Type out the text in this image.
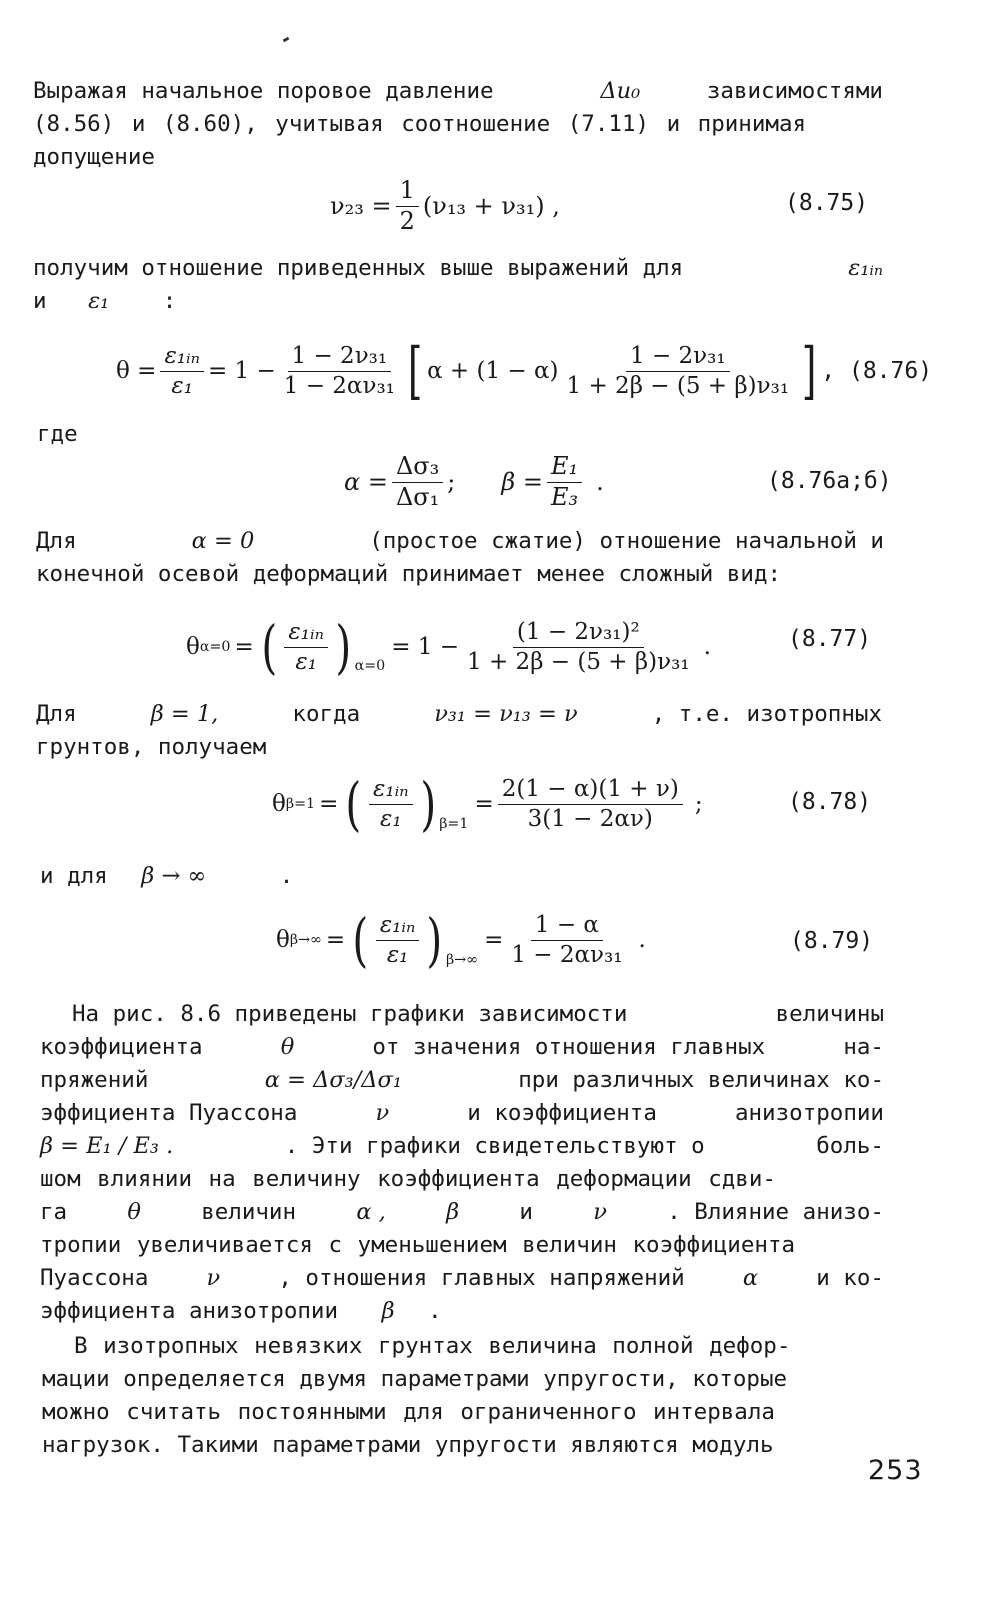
Выражая начальное поровое давление	Δu₀	зависимостями
(8.56) и (8.60), учитывая соотношение (7.11) и принимая
допущение
$\nu_{23} = \frac{1}{2} (\nu_{13} + \nu_{31})$ ,	(8.75)
получим отношение приведенных выше выражений для	ε₁ᵢₙ
и ε₁ :
$\theta = \frac{\text{ε₁ᵢₙ}}{\text{ε₁}} = 1 - \frac{\text{1 − 2ν₃₁}}{\text{1 − 2αν₃₁}}$ [ $\alpha + (1 - \alpha) \frac{\text{1 − 2ν₃₁}}{\text{1 + 2β − (5 + β)ν₃₁}}$ ] , (8.76)
где
$\alpha = \frac{\text{Δσ₃}}{\text{Δσ₁}}$ ; $\beta = \frac{\text{E₁}}{\text{E₃}}$ .	(8.76а;б)
Для	α = 0	(простое сжатие) отношение начальной и
конечной осевой деформаций принимает менее сложный вид:
θ α=0 = ( $\frac{\text{ε₁ᵢₙ}}{\text{ε₁}} )_{\alpha=0}$
= $1 - \frac{\text{(1 − 2ν₃₁)²}}{\text{1 + 2β − (5 + β)ν₃₁}}$ .	(8.77)
Для	β = 1,	когда	ν₃₁ = ν₁₃ = ν	, т.е. изотропных
грунтов, получаем
θ β=1 = ( $\frac{\text{ε₁ᵢₙ}}{\text{ε₁}} )_{\beta=1}$
= $\frac{2(1 - \alpha)(1 + \nu)}{3(1 - 2\alpha\nu)}$ ;	(8.78)
и для β → ∞	.
θ β→∞ = ( $\frac{\text{ε₁ᵢₙ}}{\text{ε₁}} )_{\beta\to\infty}$
= $\frac{1 - \alpha}{\text{1 − 2αν₃₁}}$ .	(8.79)
На рис. 8.6 приведены графики зависимости	величины
коэффициента	θ	от значения отношения главных	на-
пряжений	α = Δσ₃/Δσ₁	при различных величинах ко-
эффициента Пуассона	ν	и коэффициента	анизотропии
β = E₁ / E₃ .	. Эти графики свидетельствуют о	боль-
шом влиянии на величину коэффициента деформации сдви-
га	θ	величин	α ,	β	и	ν	. Влияние анизо-
тропии увеличивается с уменьшением величин коэффициента
Пуассона	ν	, отношения главных напряжений	α	и ко-
эффициента анизотропии β .
В изотропных невязких грунтах величина полной дефор-
мации определяется двумя параметрами упругости, которые
можно считать постоянными для ограниченного интервала
нагрузок. Такими параметрами упругости являются модуль
253
